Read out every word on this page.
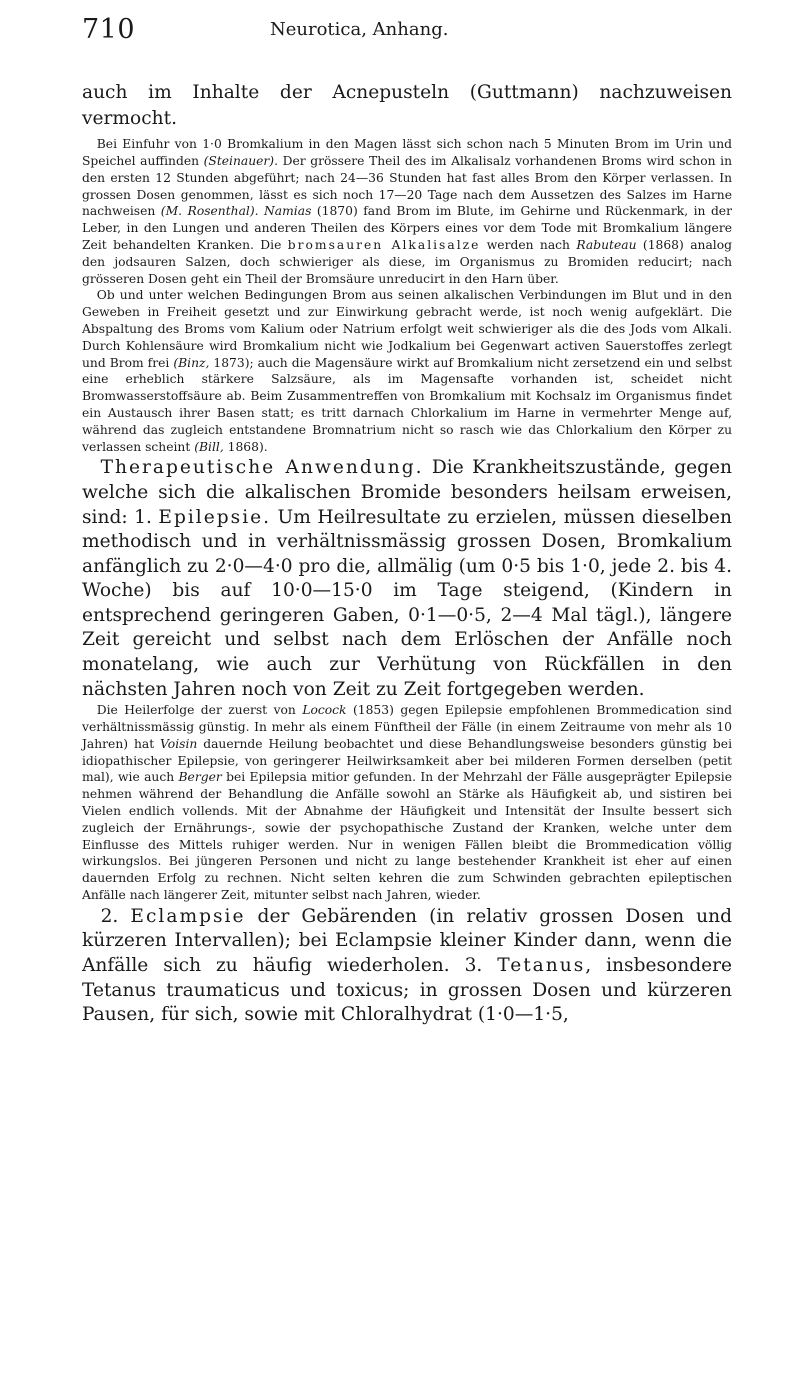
710	Neurotica, Anhang.

auch im Inhalte der Acnepusteln (Guttmann) nachzuweisen vermocht.

Bei Einfuhr von 1·0 Bromkalium in den Magen lässt sich schon nach 5 Minuten Brom im Urin und Speichel auffinden (Steinauer). Der grössere Theil des im Alkalisalz vorhandenen Broms wird schon in den ersten 12 Stunden abgeführt; nach 24—36 Stunden hat fast alles Brom den Körper verlassen. In grossen Dosen genommen, lässt es sich noch 17—20 Tage nach dem Aussetzen des Salzes im Harne nachweisen (M. Rosenthal). Namias (1870) fand Brom im Blute, im Gehirne und Rückenmark, in der Leber, in den Lungen und anderen Theilen des Körpers eines vor dem Tode mit Bromkalium längere Zeit behandelten Kranken. Die bromsauren Alkalisalze werden nach Rabuteau (1868) analog den jodsauren Salzen, doch schwieriger als diese, im Organismus zu Bromiden reducirt; nach grösseren Dosen geht ein Theil der Bromsäure unreducirt in den Harn über.

Ob und unter welchen Bedingungen Brom aus seinen alkalischen Verbindungen im Blut und in den Geweben in Freiheit gesetzt und zur Einwirkung gebracht werde, ist noch wenig aufgeklärt. Die Abspaltung des Broms vom Kalium oder Natrium erfolgt weit schwieriger als die des Jods vom Alkali. Durch Kohlensäure wird Bromkalium nicht wie Jodkalium bei Gegenwart activen Sauerstoffes zerlegt und Brom frei (Binz, 1873); auch die Magensäure wirkt auf Bromkalium nicht zersetzend ein und selbst eine erheblich stärkere Salzsäure, als im Magensafte vorhanden ist, scheidet nicht Bromwasserstoffsäure ab. Beim Zusammentreffen von Bromkalium mit Kochsalz im Organismus findet ein Austausch ihrer Basen statt; es tritt darnach Chlorkalium im Harne in vermehrter Menge auf, während das zugleich entstandene Bromnatrium nicht so rasch wie das Chlorkalium den Körper zu verlassen scheint (Bill, 1868).

Therapeutische Anwendung. Die Krankheitszustände, gegen welche sich die alkalischen Bromide besonders heilsam erweisen, sind: 1. Epilepsie. Um Heilresultate zu erzielen, müssen dieselben methodisch und in verhältnissmässig grossen Dosen, Bromkalium anfänglich zu 2·0—4·0 pro die, allmälig (um 0·5 bis 1·0, jede 2. bis 4. Woche) bis auf 10·0—15·0 im Tage steigend, (Kindern in entsprechend geringeren Gaben, 0·1—0·5, 2—4 Mal tägl.), längere Zeit gereicht und selbst nach dem Erlöschen der Anfälle noch monatelang, wie auch zur Verhütung von Rückfällen in den nächsten Jahren noch von Zeit zu Zeit fortgegeben werden.

Die Heilerfolge der zuerst von Locock (1853) gegen Epilepsie empfohlenen Brommedication sind verhältnissmässig günstig. In mehr als einem Fünftheil der Fälle (in einem Zeitraume von mehr als 10 Jahren) hat Voisin dauernde Heilung beobachtet und diese Behandlungsweise besonders günstig bei idiopathischer Epilepsie, von geringerer Heilwirksamkeit aber bei milderen Formen derselben (petit mal), wie auch Berger bei Epilepsia mitior gefunden. In der Mehrzahl der Fälle ausgeprägter Epilepsie nehmen während der Behandlung die Anfälle sowohl an Stärke als Häufigkeit ab, und sistiren bei Vielen endlich vollends. Mit der Abnahme der Häufigkeit und Intensität der Insulte bessert sich zugleich der Ernährungs-, sowie der psychopathische Zustand der Kranken, welche unter dem Einflusse des Mittels ruhiger werden. Nur in wenigen Fällen bleibt die Brommedication völlig wirkungslos. Bei jüngeren Personen und nicht zu lange bestehender Krankheit ist eher auf einen dauernden Erfolg zu rechnen. Nicht selten kehren die zum Schwinden gebrachten epileptischen Anfälle nach längerer Zeit, mitunter selbst nach Jahren, wieder.

2. Eclampsie der Gebärenden (in relativ grossen Dosen und kürzeren Intervallen); bei Eclampsie kleiner Kinder dann, wenn die Anfälle sich zu häufig wiederholen. 3. Tetanus, insbesondere Tetanus traumaticus und toxicus; in grossen Dosen und kürzeren Pausen, für sich, sowie mit Chloralhydrat (1·0—1·5,
